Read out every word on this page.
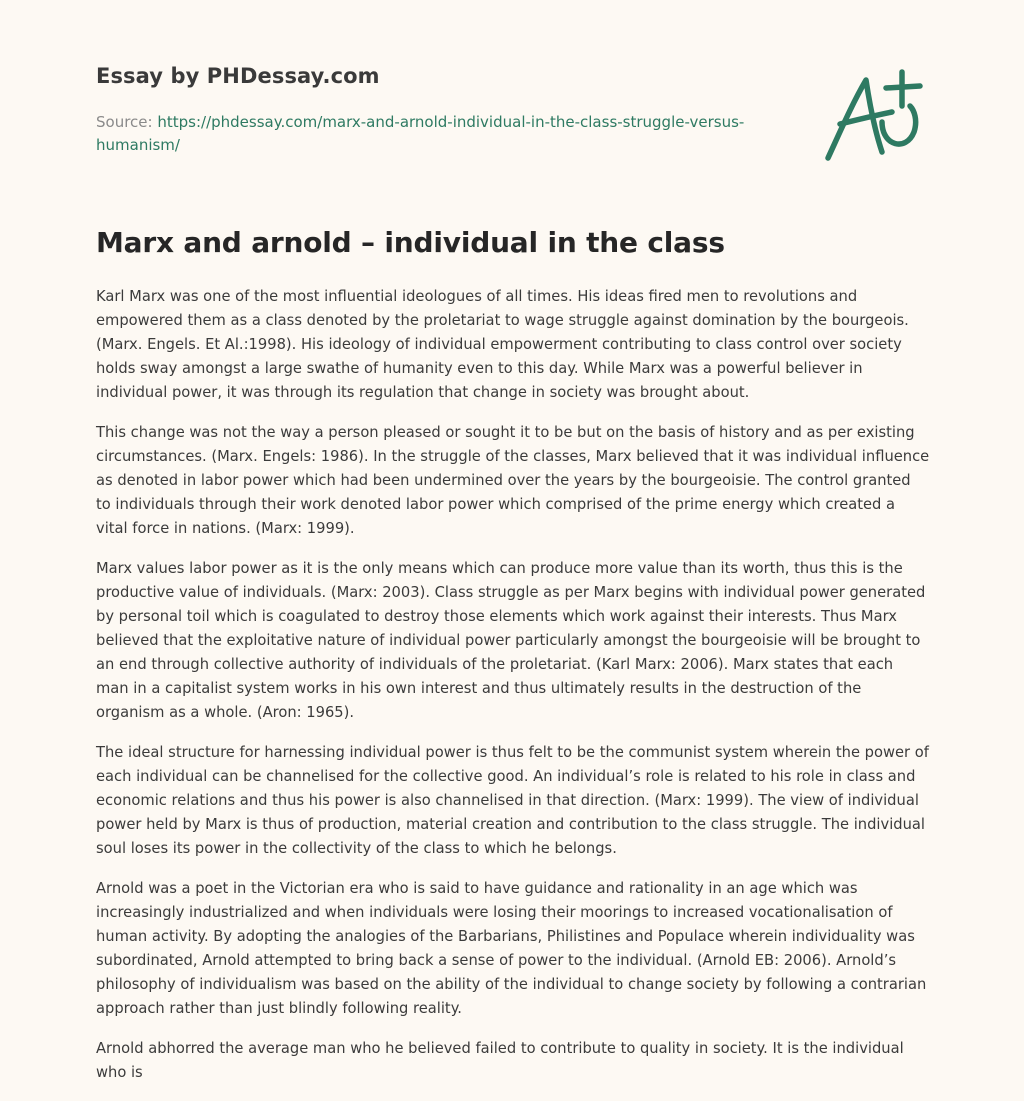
Essay by PHDessay.com
Source: https://phdessay.com/marx-and-arnold-individual-in-the-class-struggle-versus-humanism/
Marx and arnold – individual in the class

Karl Marx was one of the most influential ideologues of all times. His ideas fired men to revolutions and empowered them as a class denoted by the proletariat to wage struggle against domination by the bourgeois. (Marx. Engels. Et Al.:1998). His ideology of individual empowerment contributing to class control over society holds sway amongst a large swathe of humanity even to this day. While Marx was a powerful believer in individual power, it was through its regulation that change in society was brought about.

This change was not the way a person pleased or sought it to be but on the basis of history and as per existing circumstances. (Marx. Engels: 1986). In the struggle of the classes, Marx believed that it was individual influence as denoted in labor power which had been undermined over the years by the bourgeoisie. The control granted to individuals through their work denoted labor power which comprised of the prime energy which created a vital force in nations. (Marx: 1999).

Marx values labor power as it is the only means which can produce more value than its worth, thus this is the productive value of individuals. (Marx: 2003). Class struggle as per Marx begins with individual power generated by personal toil which is coagulated to destroy those elements which work against their interests. Thus Marx believed that the exploitative nature of individual power particularly amongst the bourgeoisie will be brought to an end through collective authority of individuals of the proletariat. (Karl Marx: 2006). Marx states that each man in a capitalist system works in his own interest and thus ultimately results in the destruction of the organism as a whole. (Aron: 1965).

The ideal structure for harnessing individual power is thus felt to be the communist system wherein the power of each individual can be channelised for the collective good. An individual’s role is related to his role in class and economic relations and thus his power is also channelised in that direction. (Marx: 1999). The view of individual power held by Marx is thus of production, material creation and contribution to the class struggle. The individual soul loses its power in the collectivity of the class to which he belongs.

Arnold was a poet in the Victorian era who is said to have guidance and rationality in an age which was increasingly industrialized and when individuals were losing their moorings to increased vocationalisation of human activity. By adopting the analogies of the Barbarians, Philistines and Populace wherein individuality was subordinated, Arnold attempted to bring back a sense of power to the individual. (Arnold EB: 2006). Arnold’s philosophy of individualism was based on the ability of the individual to change society by following a contrarian approach rather than just blindly following reality.

Arnold abhorred the average man who he believed failed to contribute to quality in society. It is the individual who is
